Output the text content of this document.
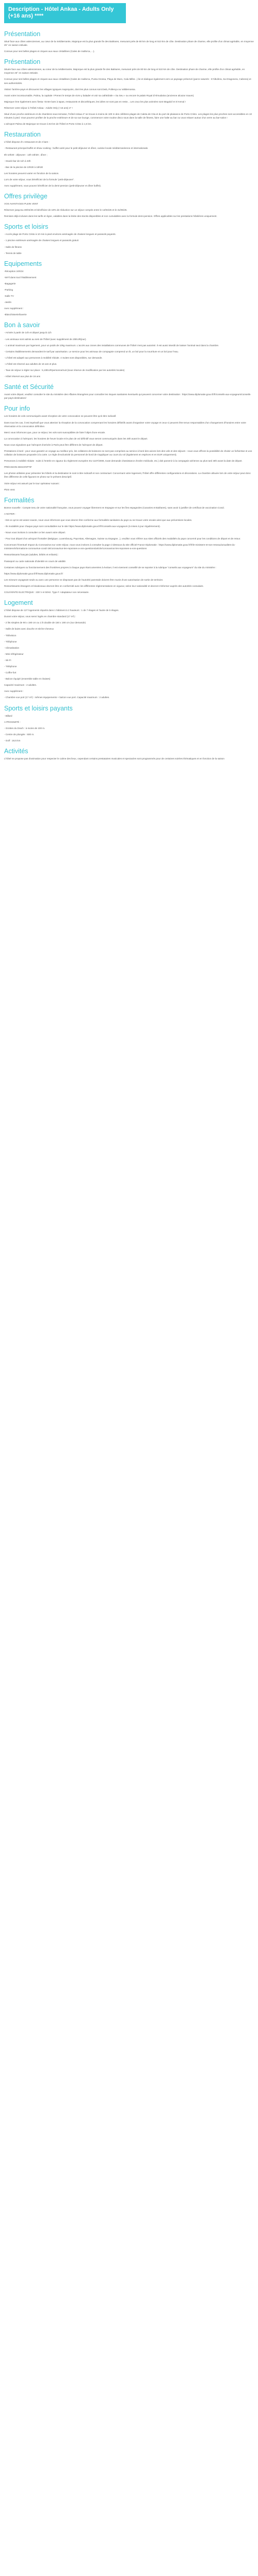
Description - Hôtel Ankaa - Adults Only (+16 ans) ****
Présentation

Situé face aux côtes valenciennes, au cœur de la méditerranée, Majorque est la plus grande île des Baléares, mesurant près de 80 km de long et 510 km de côte. Destination phare de charme, elle profite d'un climat agréable, en moyenne 25° en saison estivale.

Connue pour ses belles plages et criques aux eaux cristallines (Cales de mallorca, ...).

Présentation

Située face aux côtes valenciennes, au cœur de la méditerranée, Majorque est la plus grande île des Baléares, mesurant près de 80 km de long et 510 km de côte. Destination phare de charme, elle profite d'un climat agréable, en moyenne 25° en saison estivale.

Connue pour ses belles plages et criques aux eaux cristallines (Cales de mallorca, Punta Grossa, Playa de Muro, Cala Millor...) lie et dialogue également vers un paysage préservé (parcs naturels : S'Albufera, Sa Dragonera, Cabrera) et ses authenticités.

Visitez l'arrière-pays et découvrez les villages typiques majorquins, dont les plus connus sont Deià, Pollença ou Valldemossa.

Avant votre incontournable, Palma, la capitale ! Prenez le temps de vivre y balader et voir sa cathédrale « Sa Seu » ou encore le palais Royal d'Almudaina (ancienne alcazar maure).

Majorque rime également avec fiesta ! Entre bars à tapas, restaurants et discothèques, les idées ne sont pas en reste... Les ceux les plus animées sont Magaluf et S'Arenal !

Réservez votre séjour à l'Hôtel Ankaa - Adults Only (+16 ans) 4* !

Situé d'une proche extérieure et de chambres sous terrasse, l'Hôtel Ankaa 4* se trouve à moins de 100 m des célèbres plages de Caleta de Cita et du port de plaisance de Porto Cristo. Les plages les plus proches sont accessibles en 10 minutes à pied. Vous pourrez profiter de la proche extérieure et de sa vue lounge, commencer votre routine disco sous dans la salle de fitness, faire une halte au bar ou vous relaxer autour d'un verre au bar-salon !

L'aéroport Palma de Majorque se trouve à 63 km de l'hôtel et Porto Cristo à 1,5 km.

Restauration

L'hôtel dispose d'1 restaurant et de 2 bars :

- Restaurant principal buffet et show cooking : buffet varié pour le petit déjeuner et dîner, cuisine locale méditerranéenne et internationale.

8h-10h30 : déjeuner : 13h-15h30 ; dîner ;

- Snack-bar de 11h à 23h

- Bar de la piscine de 10h30 à 18h30

Les horaires peuvent varier en fonction de la saison.

Lors de votre séjour, vous bénéficiez de la formule "petit-déjeuner".

Avec supplément, vous pouvez bénéficier de la demi-pension (petit-déjeuner et dîner buffet).

Offres privilège

VOS AVANTAGES PLEIN VENT

Réservez jusqu'au 30/04/25 et bénéficiez de 18% de réduction sur un séjour compris entre le 13/04/25 et le 31/05/25.

Remises déjà incluses dans les tarifs en ligne, valables dans la limite des stocks disponibles et non cumulables avec la formule demi-pension. Offres applicables sur les prestations hôtelières uniquement.

Sports et loisirs

- Accès plage de Porto Cristo à 10 min à pied environs aménagée de chaises longues et parasols payants.

- 1 piscine extérieure aménagée de chaises longues et parasols gratuit

- Salle de fitness

- Tennis de table

Equipements

-Réception 24h/24

-Wi-fi dans tout l'établissement

-Bagagerie

-Parking

-Salle TV

-Jardin

Avec supplément :

-Blanchisserie/laverie

Bon à savoir

- Arrivée à partir de 14h et départ jusqu'à 11h

- Les animaux sont admis au sein de l'hôtel (avec supplément de 20EUR/jour).

- 1 animal maximum par logement, pour un poids de 10kg maximum. L'accès aux zones des installations communes de l'hôtel n'est pas autorisé. Il est aussi interdit de laisser l'animal seul dans la chambre.

- Certains établissements demandent le tarif par autorisation. Le service pour les animaux de compagnie comprend un lit, un bol pour la nourriture et un bol pour l'eau.

- L'hôtel est adapté aux personnes à mobilité réduite. 4 Suites sont disponibles, sur demande.

- L'hôtel est réservé aux adultes de 16 ans et plus.

- Taxe de séjour à régler sur place : 5,10EUR/personne/nuit (sous réserve de modification par les autorités locales)

- Hôtel réservé aux plus de 16 ans

Santé et Sécurité

Avant votre départ, veuillez consulter le site du ministère des Affaires étrangères pour connaître les risques sanitaires éventuels qui peuvent concerner votre destination : https://www.diplomatie.gouv.fr/fr/conseils-aux-voyageurs/conseils-par-pays-destination/

Pour info

Les horaires de vols communiqués avant réception de votre convocation ne peuvent être qu'à titre indicatif.

Dans tous les cas, il est impératif que vous atteniez la réception de la convocation comprenant les horaires définitifs avant d'organiser votre voyage et ceux-ci peuvent être tenus responsables d'un changement d'horaires entre votre réservation et la convocation définitive.

Merci vous informons que, pour ce séjour, les vols sont susceptibles de faire l'objet d'une escale.

La convocation à l'aéroport, les horaires de heure locale et le plan de vol définitif vous seront communiqués dans les 48h avant le départ.

Nous vous signalons que l'aéroport d'arrivée à Paris peut être différent de l'aéroport de départ.

Prestations à bord : pour vous garantir un voyage au meilleur prix, les collations de boissons ne sont pas comprises au service à bord des avions lors des vols et des séjours - nous vous offrons la possibilité de choisir un forfait Bar et une collation de boissons proposée à la carte. Le règle d'exclusivité du personnel de bord de s'appliquer au cours du vol (également en espèces et en EUR uniquement).

Personnes à mobilité réduite : suite à l'entrée en vigueur du règlement européen EU 1107/2006, toute demande d'assistance d'ordre médicale, etc.) doit parvenir à la compagnie aérienne au plus tard 48h avant la date de départ.

PRÉCISION DESCRIPTIF

Les photos utilisées pour présenter les hôtels et la destination le sont à titre indicatif et non contractuel. Concernant votre logement, l'hôtel offre différentes configurations et décorations. La chambre allouée lors de votre séjour peut donc être différente de celle figurant en photo sur le présent descriptif.

Votre séjour est assuré par le tour opérateur suivant :

Plein Vent

Formalités

Bonne nouvelle : Compte tenu de votre nationalité française, vous pouvez voyager librement en Espagne et sur les îles espagnoles (Canaries et Baléares), sans avoir à justifier de certificat de vaccination Covid.

A NOTER :

- Est-ce qu'on est assez exacte, nous vous informons que vous devrez être conforme aux formalités sanitaires du pays ou se trouve votre escale ainsi que aux préventions locales.

- Ils modalités pour chaque pays sont consultables sur le site https://www.diplomatie.gouv.fr/fr/conseils-aux-voyageurs (à mises à jour régulièrement).

- Nous vous invitons à consulter ce lien avant votre départ.

- Pour tout départ d'un aéroport frontalier (Belgique, Luxembourg, Pays-Bas, Allemagne, Suisse ou Espagne...), veuillez vous référer aux sites officiels des modalités du pays concerné pour les conditions de départ et de retour.

Concernant l'éventuel Impact du Coronavirus sur votre séjour, nous vous invitons à consulter la page ci-dessous du site officiel France Diplomatie : https://www.diplomatie.gouv.fr/fr/le-ministere-et-son-reseau/actualites-du-ministere/informations-coronavirus-covid-19/coronavirus-les-reponses-a-vos-questions/article/coronavirus-les-reponses-a-vos-questions

Ressortissants français (adultes, bébés et enfants) :

Passeport ou carte nationale d'identité en cours de validité.

Certaines rubriques ou fonctionnement des frontières propres à chaque pays étant amenées à évoluer, il est vivement conseillé de se reporter à la rubrique "conseils aux voyageurs" du site du ministère :

https://www.diplomatie.gouv.fr/fr/www.diplomatie.gouv.fr/

Les mineurs voyageant seuls ou avec une personne ne disposant pas de l'autorité parentale doivent être munis d'une autorisation de sortie de territoire.

Ressortissants étrangers et binationaux devront être en conformité avec les différentes réglementations en vigueur, selon leur nationalité et devront s'informer auprès des autorités consulaire.

CGU/VENTE ELECTRIQUE : 230 V et 50Hz. Type F. Adaptateur non nécessaire.

Logement

L'hôtel dispose de 127 logements répartis dans 1 bâtiment à 2 hauteurs : 1 de 7 étages et l'autre de 5 étages.

Durant votre séjour, vous serez logés en chambre standard (17 m²) :

- 2 lits simples de 90 x 190 cm ou 1 lit double de 150 x 190 cm (sur demande)

- Salle de bains avec douche et sèche-cheveux

- Télévision

- Téléphone

- Climatisation

- Mini-réfrigérateur

- Wi-Fi

- Téléphone

- Coffre-fort

- Balcon équipé (ensemble table et chaises)

Capacité maximum : 2 adultes.

Avec supplément :

- Chambre vue port (17 m²) : mêmes équipements + balcon vue port. Capacité maximum : 2 adultes.

Sports et loisirs payants

- Billard

A PROXIMITÉ :

- Grottes du Drach : à moins de 100 m.

- Centre de plongée : 600 m.

- Golf : 18,5 km

Activités

L'hôtel ne propose pas d'animation pour respecter le calme des lieux, cependant certains prestataires musicales et spectacles sont programmés pour de certaines soirées thématiques et en fonction de la saison
